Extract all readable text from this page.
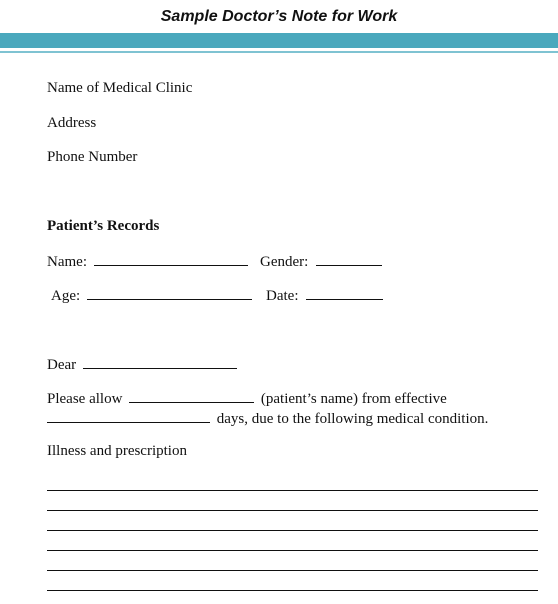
Sample Doctor’s Note for Work
Name of Medical Clinic
Address
Phone Number
Patient’s Records
Name:	Gender:
Age:	Date:
Dear
Please allow	(patient’s name) from effective
days, due to the following medical condition.
Illness and prescription
